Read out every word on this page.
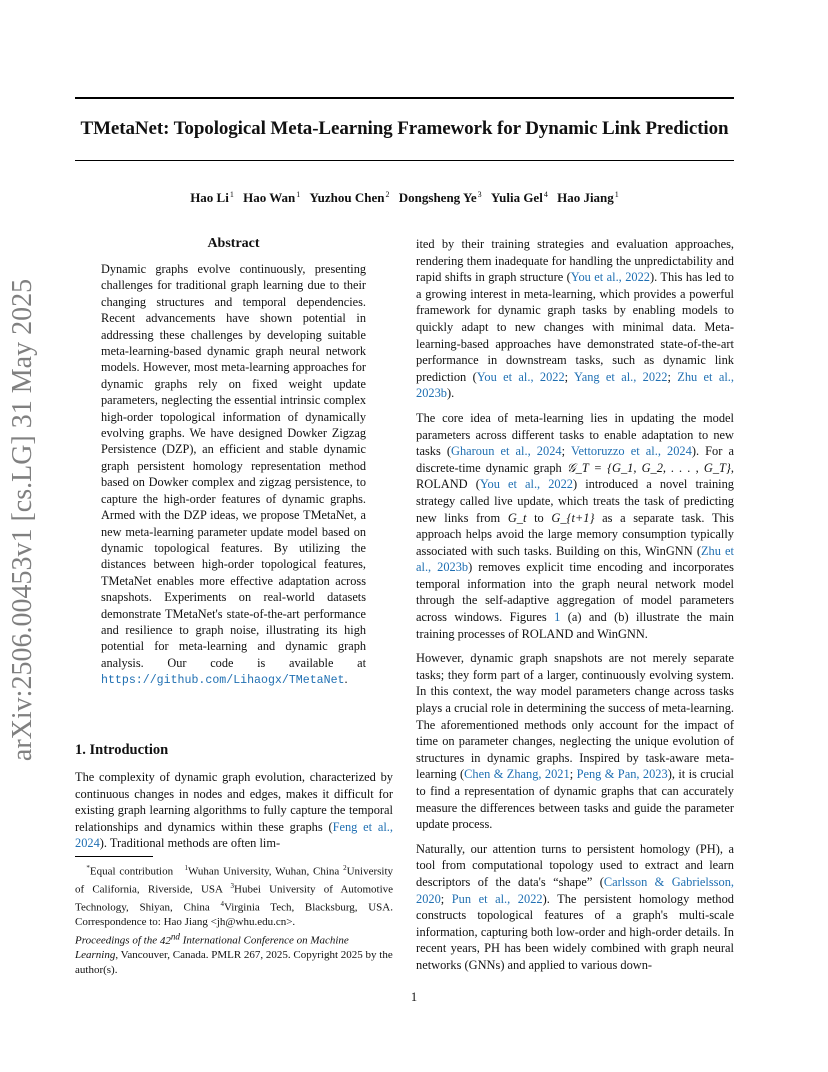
arXiv:2506.00453v1 [cs.LG] 31 May 2025
TMetaNet: Topological Meta-Learning Framework for Dynamic Link Prediction
Hao Li$^1$ Hao Wan$^1$ Yuzhou Chen$^2$ Dongsheng Ye$^3$ Yulia Gel$^4$ Hao Jiang$^1$
Abstract
Dynamic graphs evolve continuously, presenting challenges for traditional graph learning due to their changing structures and temporal dependencies. Recent advancements have shown potential in addressing these challenges by developing suitable meta-learning-based dynamic graph neural network models. However, most meta-learning approaches for dynamic graphs rely on fixed weight update parameters, neglecting the essential intrinsic complex high-order topological information of dynamically evolving graphs. We have designed Dowker Zigzag Persistence (DZP), an efficient and stable dynamic graph persistent homology representation method based on Dowker complex and zigzag persistence, to capture the high-order features of dynamic graphs. Armed with the DZP ideas, we propose TMetaNet, a new meta-learning parameter update model based on dynamic topological features. By utilizing the distances between high-order topological features, TMetaNet enables more effective adaptation across snapshots. Experiments on real-world datasets demonstrate TMetaNet's state-of-the-art performance and resilience to graph noise, illustrating its high potential for meta-learning and dynamic graph analysis. Our code is available at https://github.com/Lihaogx/TMetaNet.
1. Introduction
The complexity of dynamic graph evolution, characterized by continuous changes in nodes and edges, makes it difficult for existing graph learning algorithms to fully capture the temporal relationships and dynamics within these graphs (Feng et al., 2024). Traditional methods are often lim-
*Equal contribution $^1$Wuhan University, Wuhan, China $^2$University of California, Riverside, USA $^3$Hubei University of Automotive Technology, Shiyan, China $^4$Virginia Tech, Blacksburg, USA. Correspondence to: Hao Jiang <jh@whu.edu.cn>.
Proceedings of the 42nd International Conference on Machine Learning, Vancouver, Canada. PMLR 267, 2025. Copyright 2025 by the author(s).

ited by their training strategies and evaluation approaches, rendering them inadequate for handling the unpredictability and rapid shifts in graph structure (You et al., 2022). This has led to a growing interest in meta-learning, which provides a powerful framework for dynamic graph tasks by enabling models to quickly adapt to new changes with minimal data. Meta-learning-based approaches have demonstrated state-of-the-art performance in downstream tasks, such as dynamic link prediction (You et al., 2022; Yang et al., 2022; Zhu et al., 2023b).

The core idea of meta-learning lies in updating the model parameters across different tasks to enable adaptation to new tasks (Gharoun et al., 2024; Vettoruzzo et al., 2024). For a discrete-time dynamic graph 𝒢_T = {G_1, G_2, . . . , G_T}, ROLAND (You et al., 2022) introduced a novel training strategy called live update, which treats the task of predicting new links from G_t to G_{t+1} as a separate task. This approach helps avoid the large memory consumption typically associated with such tasks. Building on this, WinGNN (Zhu et al., 2023b) removes explicit time encoding and incorporates temporal information into the graph neural network model through the self-adaptive aggregation of model parameters across windows. Figures 1 (a) and (b) illustrate the main training processes of ROLAND and WinGNN.

However, dynamic graph snapshots are not merely separate tasks; they form part of a larger, continuously evolving system. In this context, the way model parameters change across tasks plays a crucial role in determining the success of meta-learning. The aforementioned methods only account for the impact of time on parameter changes, neglecting the unique evolution of structures in dynamic graphs. Inspired by task-aware meta-learning (Chen & Zhang, 2021; Peng & Pan, 2023), it is crucial to find a representation of dynamic graphs that can accurately measure the differences between tasks and guide the parameter update process.

Naturally, our attention turns to persistent homology (PH), a tool from computational topology used to extract and learn descriptors of the data's “shape” (Carlsson & Gabrielsson, 2020; Pun et al., 2022). The persistent homology method constructs topological features of a graph's multi-scale information, capturing both low-order and high-order details. In recent years, PH has been widely combined with graph neural networks (GNNs) and applied to various down-

1
